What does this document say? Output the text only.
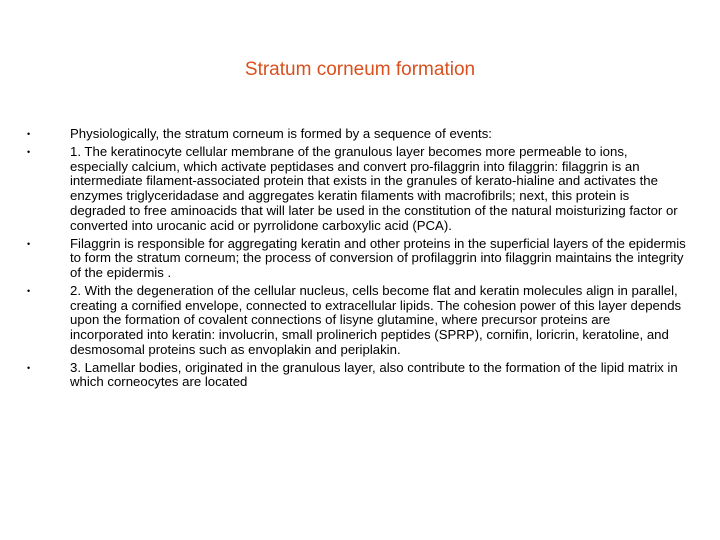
Stratum corneum formation
•	Physiologically, the stratum corneum is formed by a sequence of events:
•	1. The keratinocyte cellular membrane of the granulous layer becomes more permeable to ions, especially calcium, which activate peptidases and convert pro-filaggrin into filaggrin: filaggrin is an intermediate filament-associated protein that exists in the granules of kerato-hialine and activates the enzymes triglyceridadase and aggregates keratin filaments with macrofibrils; next, this protein is degraded to free aminoacids that will later be used in the constitution of the natural moisturizing factor or converted into urocanic acid or pyrrolidone carboxylic acid (PCA).
•	Filaggrin is responsible for aggregating keratin and other proteins in the superficial layers of the epidermis to form the stratum corneum; the process of conversion of profilaggrin into filaggrin maintains the integrity of the epidermis .
•	2. With the degeneration of the cellular nucleus, cells become flat and keratin molecules align in parallel, creating a cornified envelope, connected to extracellular lipids. The cohesion power of this layer depends upon the formation of covalent connections of lisyne glutamine, where precursor proteins are incorporated into keratin: involucrin, small prolinerich peptides (SPRP), cornifin, loricrin, keratoline, and desmosomal proteins such as envoplakin and periplakin.
•	3. Lamellar bodies, originated in the granulous layer, also contribute to the formation of the lipid matrix in which corneocytes are located
